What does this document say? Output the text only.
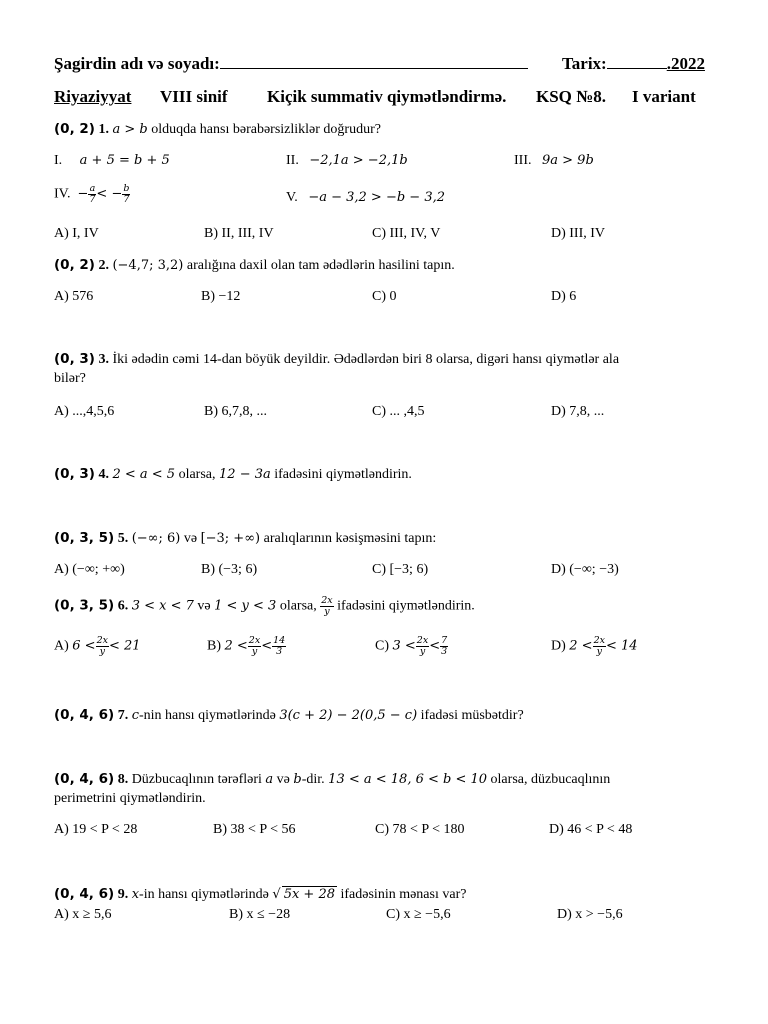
Şagirdin adı və soyadı:	Tarix:	.2022
Riyaziyyat VIII sinif Kiçik summativ qiymətləndirmə. KSQ №8. I variant
(0, 2) 1. a > b olduqda hansı bərabərsizliklər doğrudur?
I. a + 5 = b + 5	II. −2,1a > −2,1b	III. 9a > 9b
IV. − $\frac{a}{7}$ < − $\frac{b}{7}$	V. −a − 3,2 > −b − 3,2
A) I, IV	B) II, III, IV	C) III, IV, V	D) III, IV
(0, 2) 2. (−4,7; 3,2) aralığına daxil olan tam ədədlərin hasilini tapın.
A) 576	B) −12	C) 0	D) 6
(0, 3) 3. İki ədədin cəmi 14-dan böyük deyildir. Ədədlərdən biri 8 olarsa, digəri hansı qiymətlər ala
bilər?
A) ...,4,5,6	B) 6,7,8, ...	C) ... ,4,5	D) 7,8, ...
(0, 3) 4. 2 < a < 5 olarsa, 12 − 3a ifadəsini qiymətləndirin.
(0, 3, 5) 5. (−∞; 6) və [−3; +∞) aralıqlarının kəsişməsini tapın:
A) (−∞; +∞)	B) (−3; 6)	C) [−3; 6)	D) (−∞; −3)
(0, 3, 5) 6. 3 < x < 7 və 1 < y < 3 olarsa, $\frac{2x}{y}$ ifadəsini qiymətləndirin.
A) $6 < \frac{2x}{y} < 21$	B) $2 < \frac{2x}{y} < \frac{14}{3}$	C) $3 < \frac{2x}{y} < \frac{7}{3}$	D) $2 < \frac{2x}{y} < 14$
(0, 4, 6) 7. c-nin hansı qiymətlərində 3(c + 2) − 2(0,5 − c) ifadəsi müsbətdir?
(0, 4, 6) 8. Düzbucaqlının tərəfləri a və b-dir. 13 < a < 18, 6 < b < 10 olarsa, düzbucaqlının
perimetrini qiymətləndirin.
A) 19 < P < 28	B) 38 < P < 56	C) 78 < P < 180	D) 46 < P < 48
(0, 4, 6) 9. x-in hansı qiymətlərində √ 5x + 28 ifadəsinin mənası var?
A) x ≥ 5,6	B) x ≤ −28	C) x ≥ −5,6	D) x > −5,6
